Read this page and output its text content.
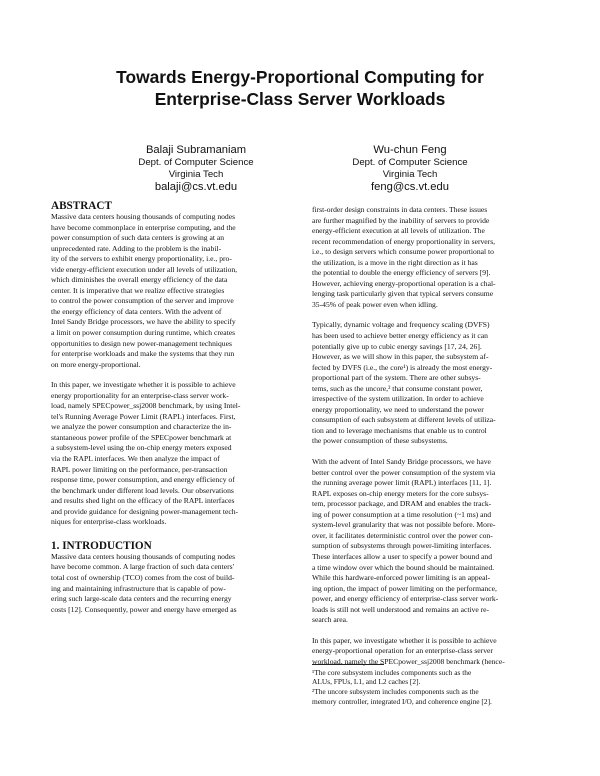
Towards Energy-Proportional Computing for
Enterprise-Class Server Workloads
Balaji Subramaniam
Dept. of Computer Science
Virginia Tech
balaji@cs.vt.edu
Wu-chun Feng
Dept. of Computer Science
Virginia Tech
feng@cs.vt.edu
ABSTRACT

Massive data centers housing thousands of computing nodes
have become commonplace in enterprise computing, and the
power consumption of such data centers is growing at an
unprecedented rate. Adding to the problem is the inabil-
ity of the servers to exhibit energy proportionality, i.e., pro-
vide energy-efficient execution under all levels of utilization,
which diminishes the overall energy efficiency of the data
center. It is imperative that we realize effective strategies
to control the power consumption of the server and improve
the energy efficiency of data centers. With the advent of
Intel Sandy Bridge processors, we have the ability to specify
a limit on power consumption during runtime, which creates
opportunities to design new power-management techniques
for enterprise workloads and make the systems that they run
on more energy-proportional.

In this paper, we investigate whether it is possible to achieve
energy proportionality for an enterprise-class server work-
load, namely SPECpower_ssj2008 benchmark, by using Intel-
tel's Running Average Power Limit (RAPL) interfaces. First,
we analyze the power consumption and characterize the in-
stantaneous power profile of the SPECpower benchmark at
a subsystem-level using the on-chip energy meters exposed
via the RAPL interfaces. We then analyze the impact of
RAPL power limiting on the performance, per-transaction
response time, power consumption, and energy efficiency of
the benchmark under different load levels. Our observations
and results shed light on the efficacy of the RAPL interfaces
and provide guidance for designing power-management tech-
niques for enterprise-class workloads.

1. INTRODUCTION

Massive data centers housing thousands of computing nodes
have become common. A large fraction of such data centers'
total cost of ownership (TCO) comes from the cost of build-
ing and maintaining infrastructure that is capable of pow-
ering such large-scale data centers and the recurring energy
costs [12]. Consequently, power and energy have emerged as

first-order design constraints in data centers. These issues
are further magnified by the inability of servers to provide
energy-efficient execution at all levels of utilization. The
recent recommendation of energy proportionality in servers,
i.e., to design servers which consume power proportional to
the utilization, is a move in the right direction as it has
the potential to double the energy efficiency of servers [9].
However, achieving energy-proportional operation is a chal-
lenging task particularly given that typical servers consume
35-45% of peak power even when idling.

Typically, dynamic voltage and frequency scaling (DVFS)
has been used to achieve better energy efficiency as it can
potentially give up to cubic energy savings [17, 24, 26].
However, as we will show in this paper, the subsystem af-
fected by DVFS (i.e., the core¹) is already the most energy-
proportional part of the system. There are other subsys-
tems, such as the uncore,² that consume constant power,
irrespective of the system utilization. In order to achieve
energy proportionality, we need to understand the power
consumption of each subsystem at different levels of utiliza-
tion and to leverage mechanisms that enable us to control
the power consumption of these subsystems.

With the advent of Intel Sandy Bridge processors, we have
better control over the power consumption of the system via
the running average power limit (RAPL) interfaces [11, 1].
RAPL exposes on-chip energy meters for the core subsys-
tem, processor package, and DRAM and enables the track-
ing of power consumption at a time resolution (~1 ms) and
system-level granularity that was not possible before. More-
over, it facilitates deterministic control over the power con-
sumption of subsystems through power-limiting interfaces.
These interfaces allow a user to specify a power bound and
a time window over which the bound should be maintained.
While this hardware-enforced power limiting is an appeal-
ing option, the impact of power limiting on the performance,
power, and energy efficiency of enterprise-class server work-
loads is still not well understood and remains an active re-
search area.

In this paper, we investigate whether it is possible to achieve
energy-proportional operation for an enterprise-class server
workload, namely the SPECpower_ssj2008 benchmark (hence-

¹The core subsystem includes components such as the
ALUs, FPUs, L1, and L2 caches [2].

²The uncore subsystem includes components such as the
memory controller, integrated I/O, and coherence engine [2].
